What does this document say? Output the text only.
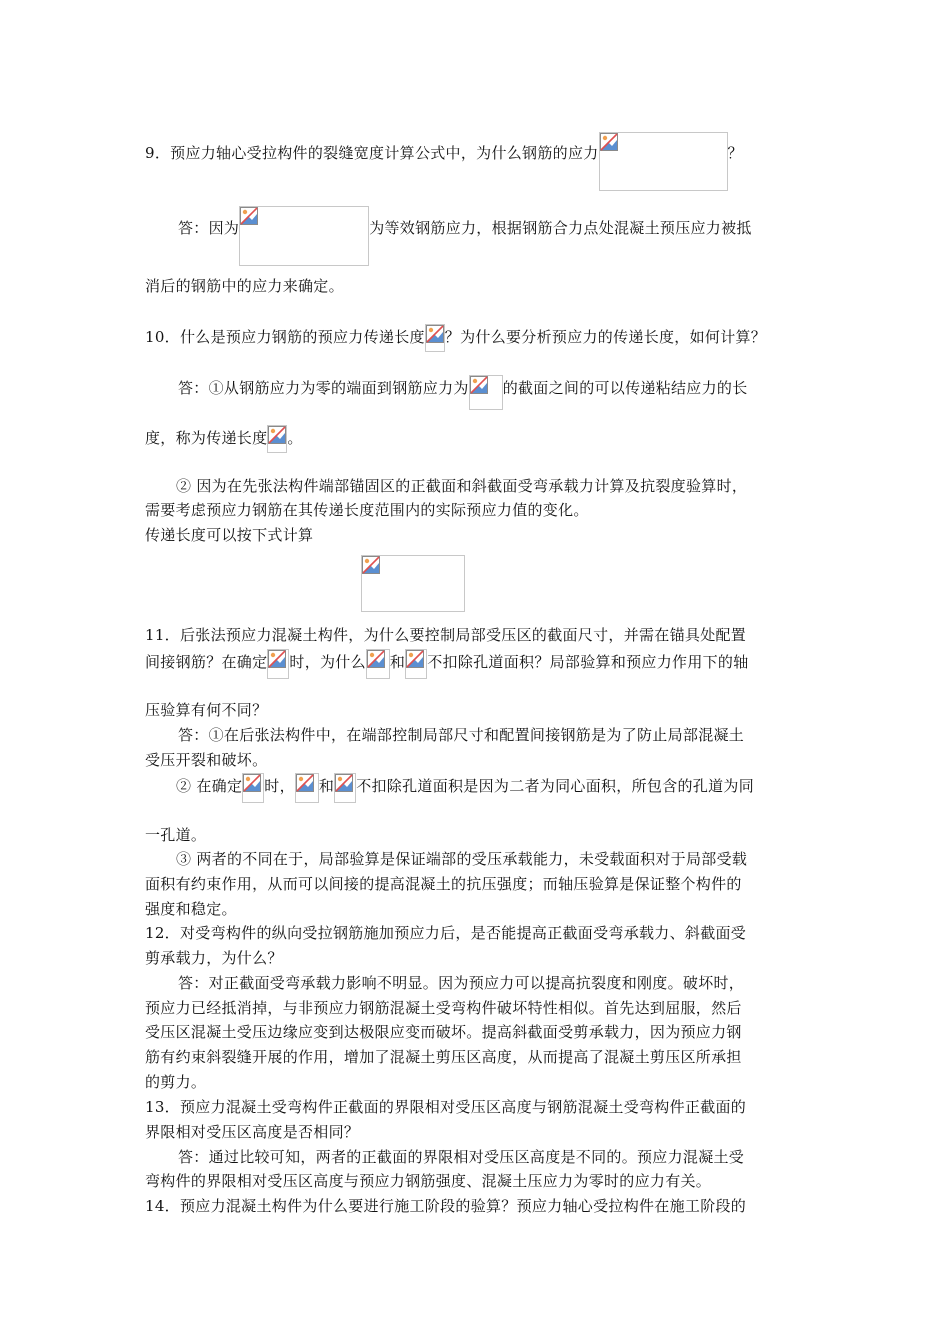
9．预应力轴心受拉构件的裂缝宽度计算公式中，为什么钢筋的应力	？
答：因为	为等效钢筋应力，根据钢筋合力点处混凝土预压应力被抵
消后的钢筋中的应力来确定。
10．什么是预应力钢筋的预应力传递长度 ？为什么要分析预应力的传递长度，如何计算？
答：①从钢筋应力为零的端面到钢筋应力为 的截面之间的可以传递粘结应力的长
度，称为传递长度 。
② 因为在先张法构件端部锚固区的正截面和斜截面受弯承载力计算及抗裂度验算时，
需要考虑预应力钢筋在其传递长度范围内的实际预应力值的变化。
传递长度可以按下式计算
11．后张法预应力混凝土构件，为什么要控制局部受压区的截面尺寸，并需在锚具处配置
间接钢筋？在确定 时，为什么 和 不扣除孔道面积？局部验算和预应力作用下的轴
压验算有何不同？
答：①在后张法构件中，在端部控制局部尺寸和配置间接钢筋是为了防止局部混凝土
受压开裂和破坏。
② 在确定 时， 和 不扣除孔道面积是因为二者为同心面积，所包含的孔道为同
一孔道。
③ 两者的不同在于，局部验算是保证端部的受压承载能力，未受载面积对于局部受载
面积有约束作用，从而可以间接的提高混凝土的抗压强度；而轴压验算是保证整个构件的
强度和稳定。
12．对受弯构件的纵向受拉钢筋施加预应力后，是否能提高正截面受弯承载力、斜截面受
剪承载力，为什么？
答：对正截面受弯承载力影响不明显。因为预应力可以提高抗裂度和刚度。破坏时，
预应力已经抵消掉，与非预应力钢筋混凝土受弯构件破坏特性相似。首先达到屈服，然后
受压区混凝土受压边缘应变到达极限应变而破坏。提高斜截面受剪承载力，因为预应力钢
筋有约束斜裂缝开展的作用，增加了混凝土剪压区高度，从而提高了混凝土剪压区所承担
的剪力。
13．预应力混凝土受弯构件正截面的界限相对受压区高度与钢筋混凝土受弯构件正截面的
界限相对受压区高度是否相同？
答：通过比较可知，两者的正截面的界限相对受压区高度是不同的。预应力混凝土受
弯构件的界限相对受压区高度与预应力钢筋强度、混凝土压应力为零时的应力有关。
14．预应力混凝土构件为什么要进行施工阶段的验算？预应力轴心受拉构件在施工阶段的
